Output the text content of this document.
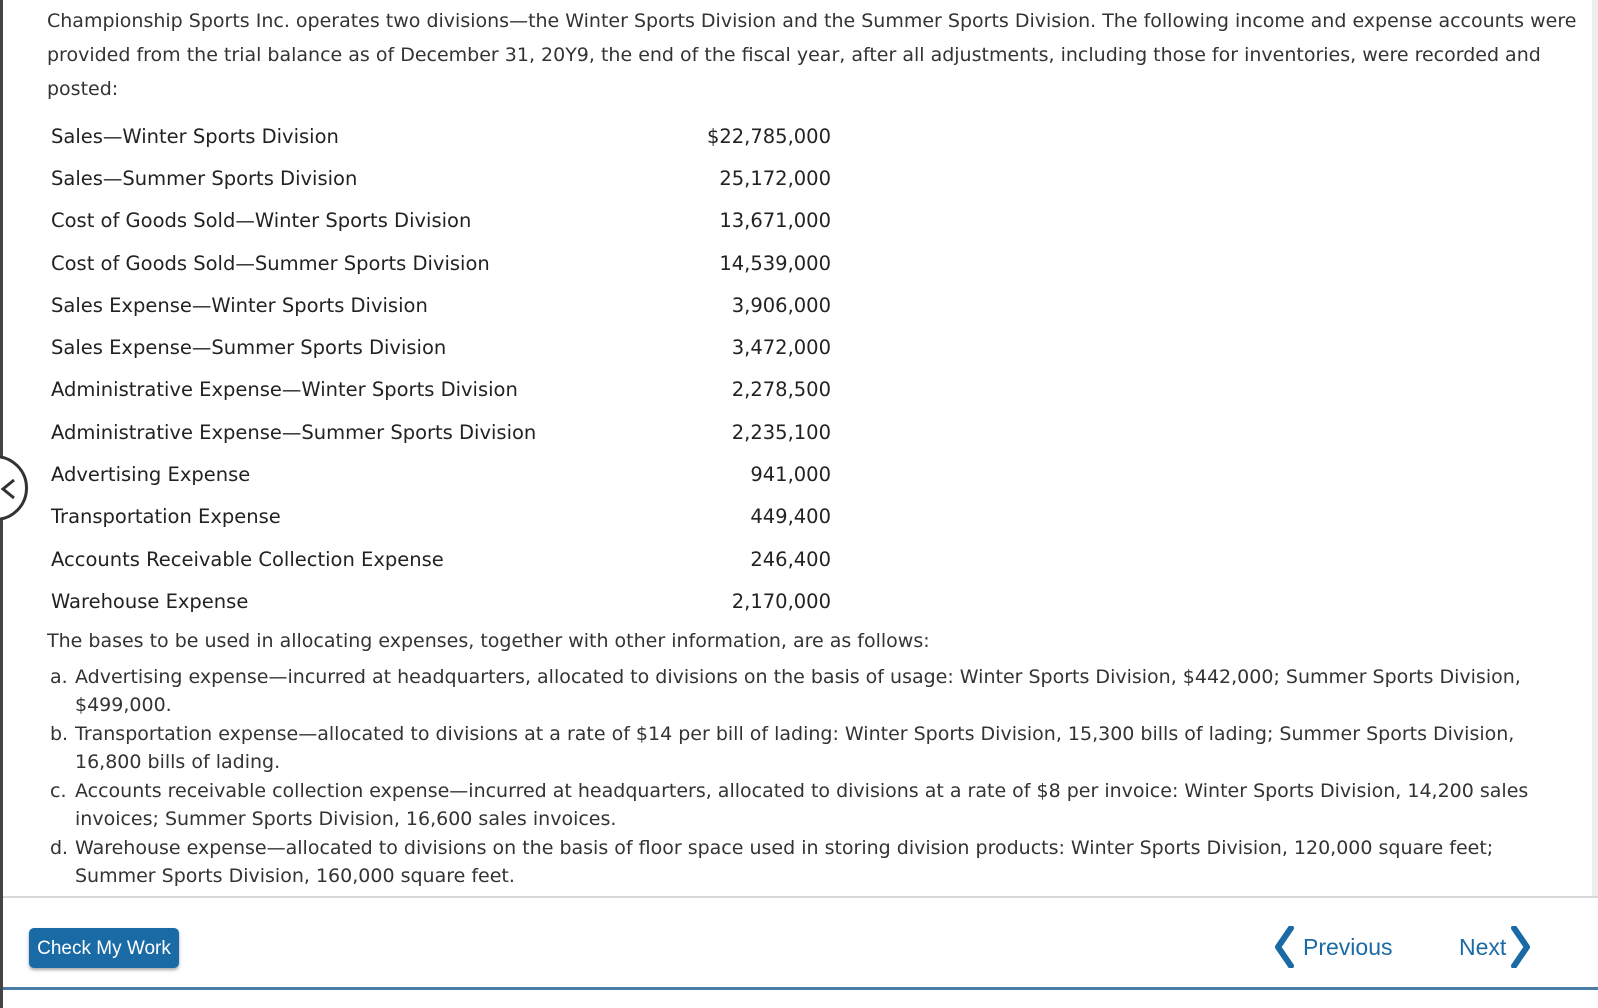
Championship Sports Inc. operates two divisions—the Winter Sports Division and the Summer Sports Division. The following income and expense accounts were provided from the trial balance as of December 31, 20Y9, the end of the fiscal year, after all adjustments, including those for inventories, were recorded and posted:

Sales—Winter Sports Division	$22,785,000
Sales—Summer Sports Division	25,172,000
Cost of Goods Sold—Winter Sports Division	13,671,000
Cost of Goods Sold—Summer Sports Division	14,539,000
Sales Expense—Winter Sports Division	3,906,000
Sales Expense—Summer Sports Division	3,472,000
Administrative Expense—Winter Sports Division	2,278,500
Administrative Expense—Summer Sports Division	2,235,100
Advertising Expense	941,000
Transportation Expense	449,400
Accounts Receivable Collection Expense	246,400
Warehouse Expense	2,170,000

The bases to be used in allocating expenses, together with other information, are as follows:

a. Advertising expense—incurred at headquarters, allocated to divisions on the basis of usage: Winter Sports Division, $442,000; Summer Sports Division, $499,000.
b. Transportation expense—allocated to divisions at a rate of $14 per bill of lading: Winter Sports Division, 15,300 bills of lading; Summer Sports Division, 16,800 bills of lading.
c. Accounts receivable collection expense—incurred at headquarters, allocated to divisions at a rate of $8 per invoice: Winter Sports Division, 14,200 sales invoices; Summer Sports Division, 16,600 sales invoices.
d. Warehouse expense—allocated to divisions on the basis of floor space used in storing division products: Winter Sports Division, 120,000 square feet; Summer Sports Division, 160,000 square feet.
Check My Work	Previous	Next
